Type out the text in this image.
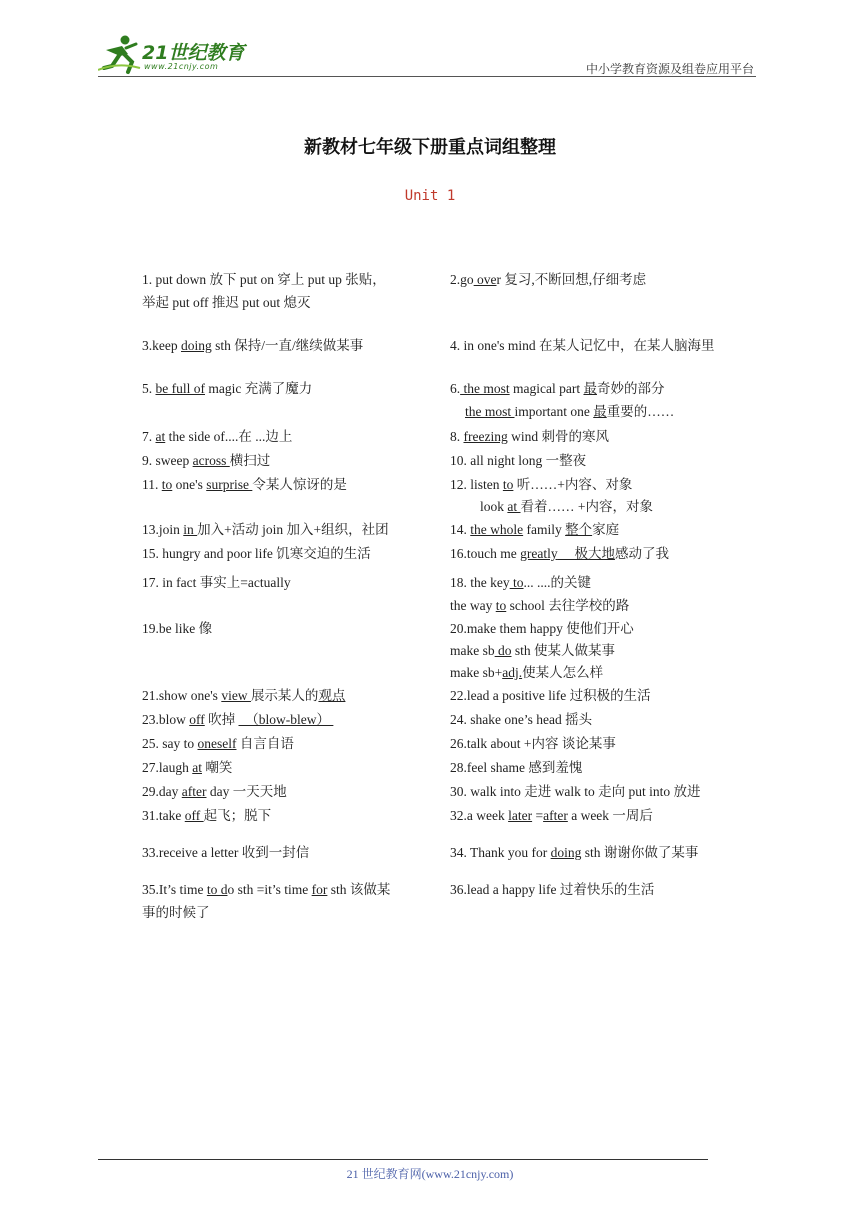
21世纪教育
www.21cnjy.com	中小学教育资源及组卷应用平台
新教材七年级下册重点词组整理
Unit 1
1. put down 放下 put on 穿上 put up 张贴，
举起 put off 推迟 put out 熄灭
2.go over 复习,不断回想,仔细考虑
3.keep doing sth 保持/一直/继续做某事	4. in one's mind 在某人记忆中，在某人脑海里
5. be full of magic 充满了魔力	6. the most magical part 最奇妙的部分
the most important one 最重要的……
7. at the side of....在 ...边上	8. freezing wind 刺骨的寒风
9. sweep across 横扫过	10. all night long 一整夜
11. to one's surprise 令某人惊讶的是	12. listen to 听……+内容、对象
look at 看着…… +内容，对象
13.join in 加入+活动 join 加入+组织，社团	14. the whole family 整个家庭
15. hungry and poor life 饥寒交迫的生活	16.touch me greatly 极大地感动了我
17. in fact 事实上=actually	18. the key to... ....的关键
the way to school 去往学校的路
19.be like 像	20.make them happy 使他们开心
make sb do sth 使某人做某事
make sb+adj.使某人怎么样
21.show one's view 展示某人的观点	22.lead a positive life 过积极的生活
23.blow off 吹掉   （blow-blew）	24. shake one’s head 摇头
25. say to oneself 自言自语	26.talk about +内容 谈论某事
27.laugh at 嘲笑	28.feel shame 感到羞愧
29.day after day 一天天地	30. walk into 走进 walk to 走向 put into 放进
31.take off 起飞；脱下	32.a week later =after a week 一周后
33.receive a letter 收到一封信	34. Thank you for doing sth 谢谢你做了某事
35.It’s time to do sth =it’s time for sth 该做某
事的时候了
36.lead a happy life 过着快乐的生活
21 世纪教育网(www.21cnjy.com)
